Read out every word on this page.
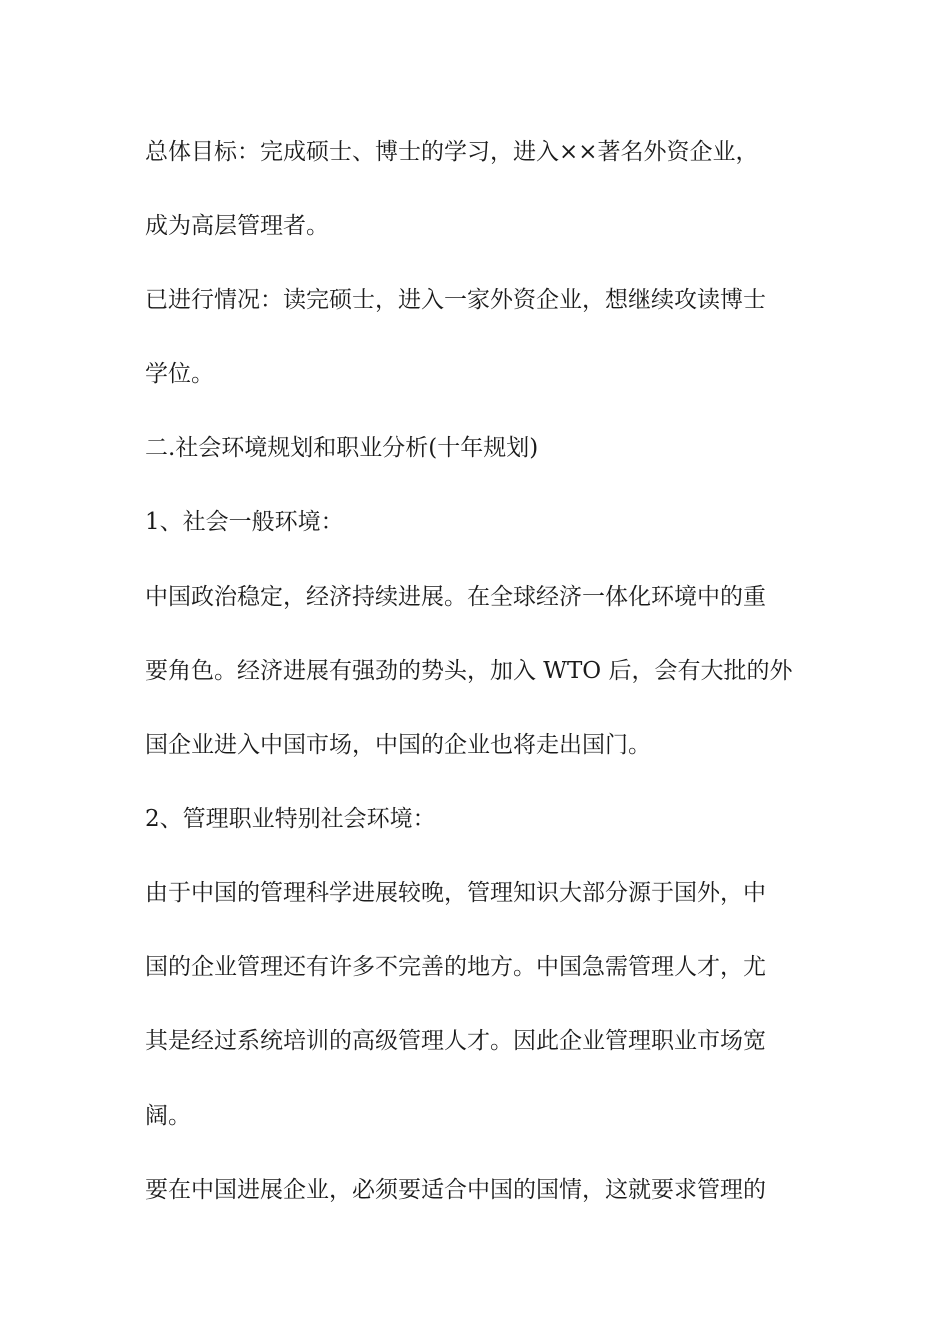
总体目标：完成硕士、博士的学习，进入××著名外资企业，
成为高层管理者。
已进行情况：读完硕士，进入一家外资企业，想继续攻读博士
学位。
二.社会环境规划和职业分析(十年规划)
1、社会一般环境：
中国政治稳定，经济持续进展。在全球经济一体化环境中的重
要角色。经济进展有强劲的势头，加入 WTO 后，会有大批的外
国企业进入中国市场，中国的企业也将走出国门。
2、管理职业特别社会环境：
由于中国的管理科学进展较晚，管理知识大部分源于国外，中
国的企业管理还有许多不完善的地方。中国急需管理人才，尤
其是经过系统培训的高级管理人才。因此企业管理职业市场宽
阔。
要在中国进展企业，必须要适合中国的国情，这就要求管理的
